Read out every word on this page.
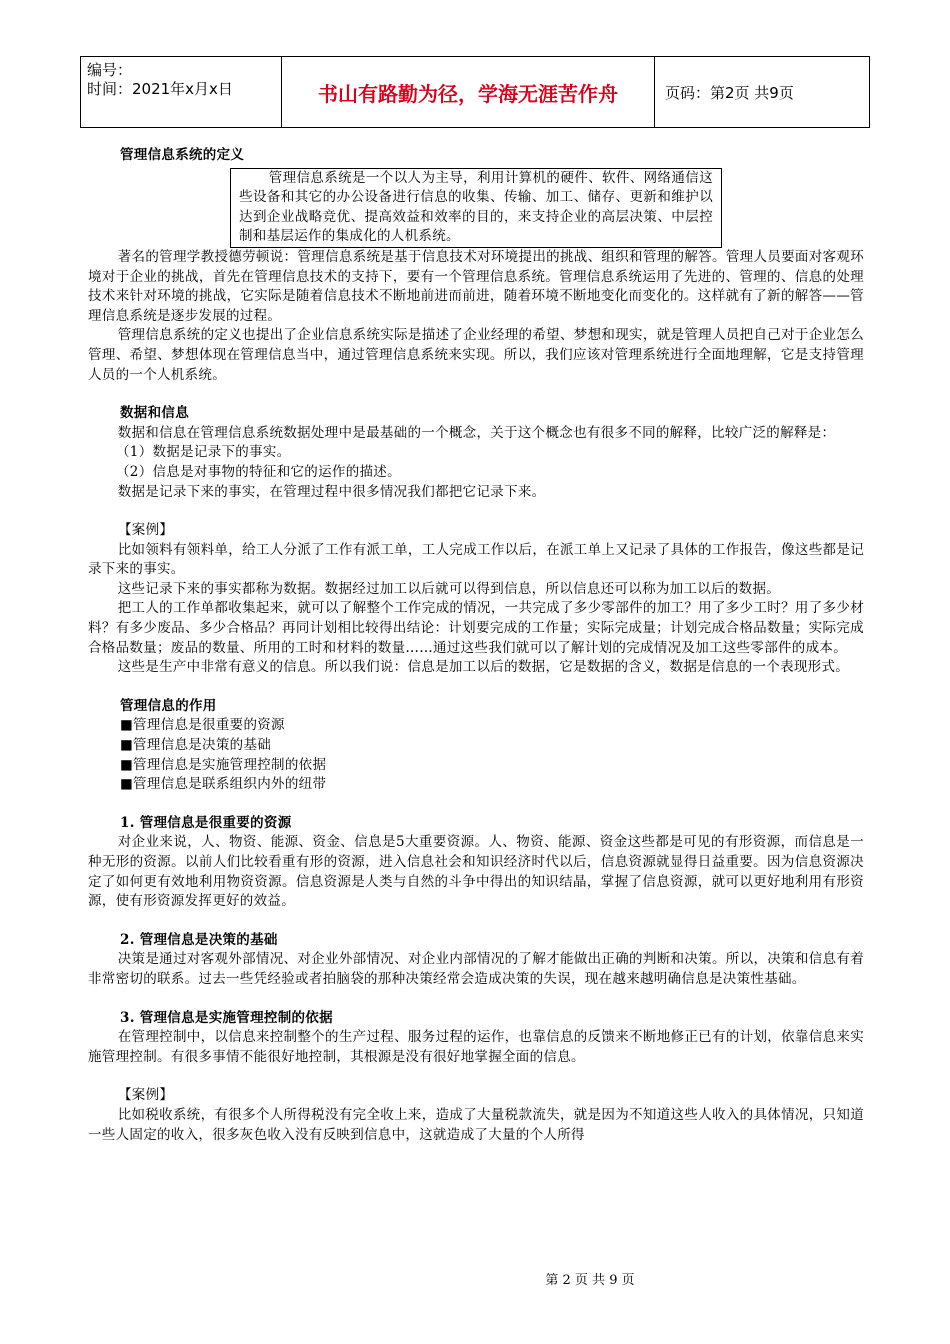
编号：
时间：2021年x月x日	书山有路勤为径，学海无涯苦作舟	页码：第2页 共9页

管理信息系统的定义

管理信息系统是一个以人为主导，利用计算机的硬件、软件、网络通信这些设备和其它的办公设备进行信息的收集、传输、加工、储存、更新和维护以达到企业战略竞优、提高效益和效率的目的，来支持企业的高层决策、中层控制和基层运作的集成化的人机系统。

著名的管理学教授德劳顿说：管理信息系统是基于信息技术对环境提出的挑战、组织和管理的解答。管理人员要面对客观环境对于企业的挑战，首先在管理信息技术的支持下，要有一个管理信息系统。管理信息系统运用了先进的、管理的、信息的处理技术来针对环境的挑战，它实际是随着信息技术不断地前进而前进，随着环境不断地变化而变化的。这样就有了新的解答——管理信息系统是逐步发展的过程。

管理信息系统的定义也提出了企业信息系统实际是描述了企业经理的希望、梦想和现实，就是管理人员把自己对于企业怎么管理、希望、梦想体现在管理信息当中，通过管理信息系统来实现。所以，我们应该对管理系统进行全面地理解，它是支持管理人员的一个人机系统。

数据和信息

数据和信息在管理信息系统数据处理中是最基础的一个概念，关于这个概念也有很多不同的解释，比较广泛的解释是：

（1）数据是记录下的事实。

（2）信息是对事物的特征和它的运作的描述。

数据是记录下来的事实，在管理过程中很多情况我们都把它记录下来。

【案例】

比如领料有领料单，给工人分派了工作有派工单，工人完成工作以后，在派工单上又记录了具体的工作报告，像这些都是记录下来的事实。

这些记录下来的事实都称为数据。数据经过加工以后就可以得到信息，所以信息还可以称为加工以后的数据。

把工人的工作单都收集起来，就可以了解整个工作完成的情况，一共完成了多少零部件的加工？用了多少工时？用了多少材料？有多少废品、多少合格品？再同计划相比较得出结论：计划要完成的工作量；实际完成量；计划完成合格品数量；实际完成合格品数量；废品的数量、所用的工时和材料的数量……通过这些我们就可以了解计划的完成情况及加工这些零部件的成本。

这些是生产中非常有意义的信息。所以我们说：信息是加工以后的数据，它是数据的含义，数据是信息的一个表现形式。

管理信息的作用

■管理信息是很重要的资源

■管理信息是决策的基础

■管理信息是实施管理控制的依据

■管理信息是联系组织内外的纽带

1. 管理信息是很重要的资源

对企业来说，人、物资、能源、资金、信息是5大重要资源。人、物资、能源、资金这些都是可见的有形资源，而信息是一种无形的资源。以前人们比较看重有形的资源，进入信息社会和知识经济时代以后，信息资源就显得日益重要。因为信息资源决定了如何更有效地利用物资资源。信息资源是人类与自然的斗争中得出的知识结晶，掌握了信息资源，就可以更好地利用有形资源，使有形资源发挥更好的效益。

2. 管理信息是决策的基础

决策是通过对客观外部情况、对企业外部情况、对企业内部情况的了解才能做出正确的判断和决策。所以，决策和信息有着非常密切的联系。过去一些凭经验或者拍脑袋的那种决策经常会造成决策的失误，现在越来越明确信息是决策性基础。

3. 管理信息是实施管理控制的依据

在管理控制中，以信息来控制整个的生产过程、服务过程的运作，也靠信息的反馈来不断地修正已有的计划，依靠信息来实施管理控制。有很多事情不能很好地控制，其根源是没有很好地掌握全面的信息。

【案例】

比如税收系统，有很多个人所得税没有完全收上来，造成了大量税款流失，就是因为不知道这些人收入的具体情况，只知道一些人固定的收入，很多灰色收入没有反映到信息中，这就造成了大量的个人所得

第 2 页 共 9 页
